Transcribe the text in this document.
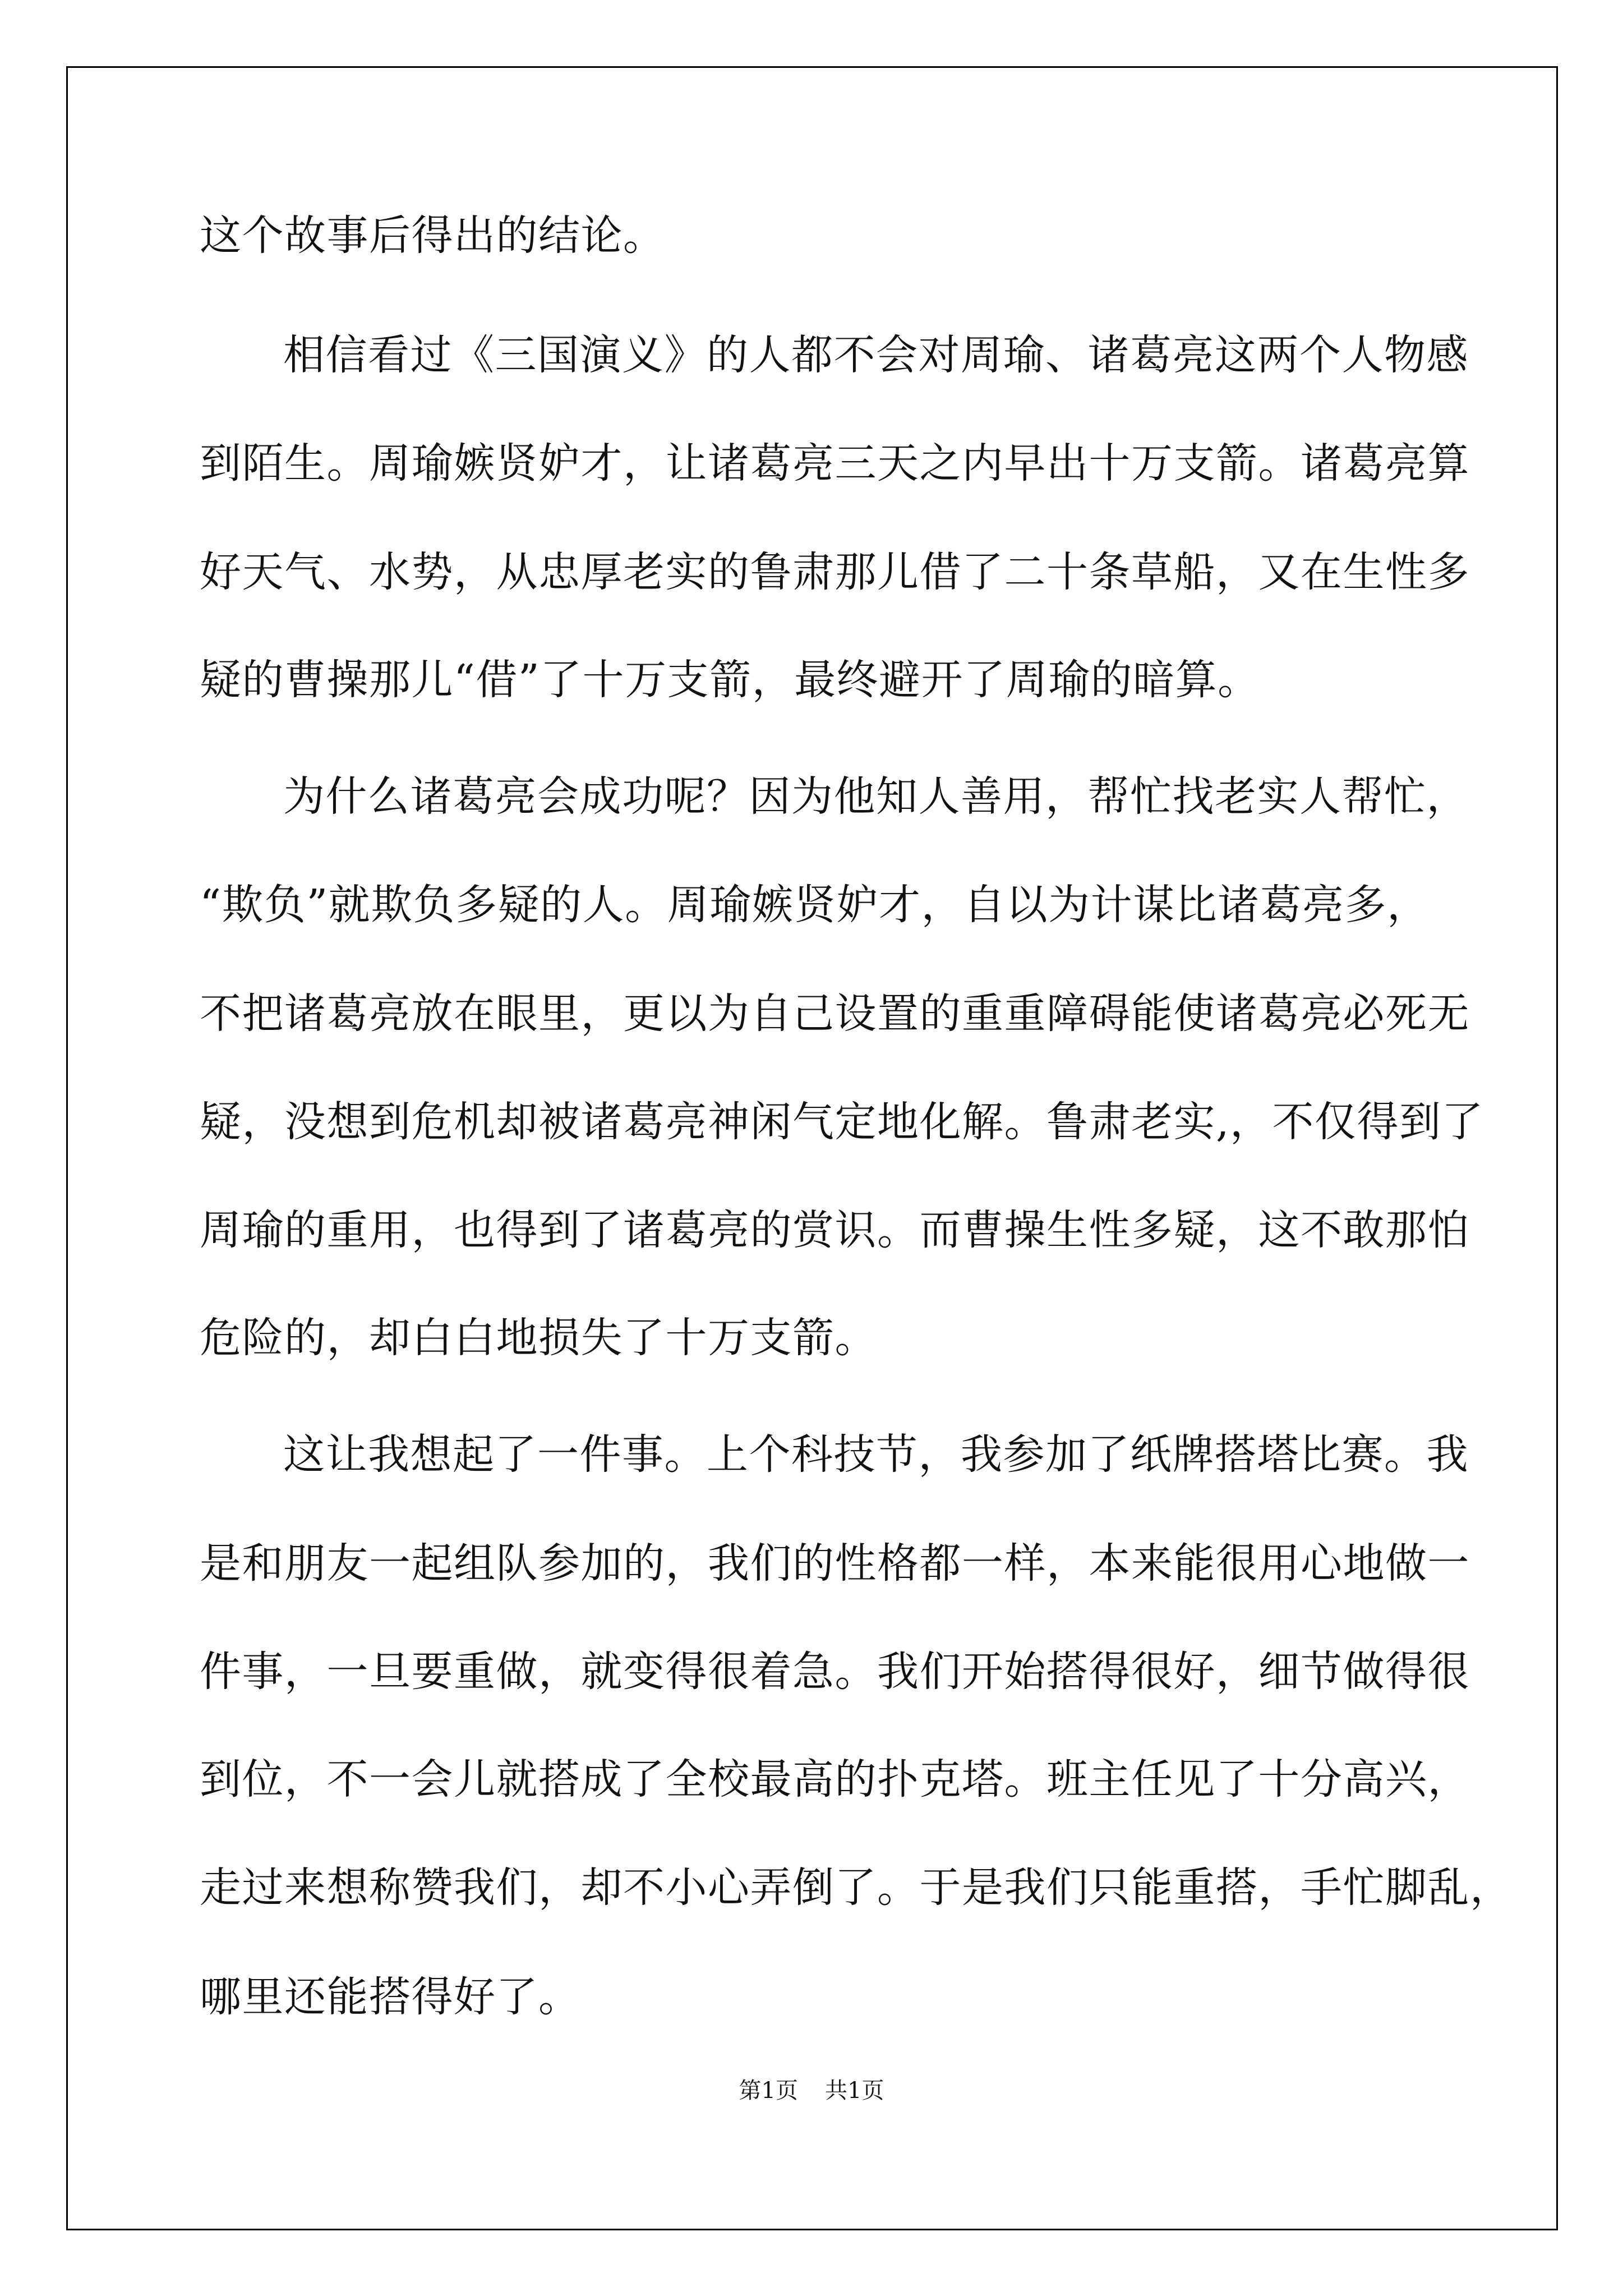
这个故事后得出的结论。
相信看过《三国演义》的人都不会对周瑜、诸葛亮这两个人物感
到陌生。周瑜嫉贤妒才，让诸葛亮三天之内早出十万支箭。诸葛亮算
好天气、水势，从忠厚老实的鲁肃那儿借了二十条草船，又在生性多
疑的曹操那儿“借”了十万支箭，最终避开了周瑜的暗算。
为什么诸葛亮会成功呢？因为他知人善用，帮忙找老实人帮忙，
“欺负”就欺负多疑的人。周瑜嫉贤妒才，自以为计谋比诸葛亮多，
不把诸葛亮放在眼里，更以为自己设置的重重障碍能使诸葛亮必死无
疑，没想到危机却被诸葛亮神闲气定地化解。鲁肃老实,，不仅得到了
周瑜的重用，也得到了诸葛亮的赏识。而曹操生性多疑，这不敢那怕
危险的，却白白地损失了十万支箭。
这让我想起了一件事。上个科技节，我参加了纸牌搭塔比赛。我
是和朋友一起组队参加的，我们的性格都一样，本来能很用心地做一
件事，一旦要重做，就变得很着急。我们开始搭得很好，细节做得很
到位，不一会儿就搭成了全校最高的扑克塔。班主任见了十分高兴，
走过来想称赞我们，却不小心弄倒了。于是我们只能重搭，手忙脚乱，
哪里还能搭得好了。
第1页 共1页
